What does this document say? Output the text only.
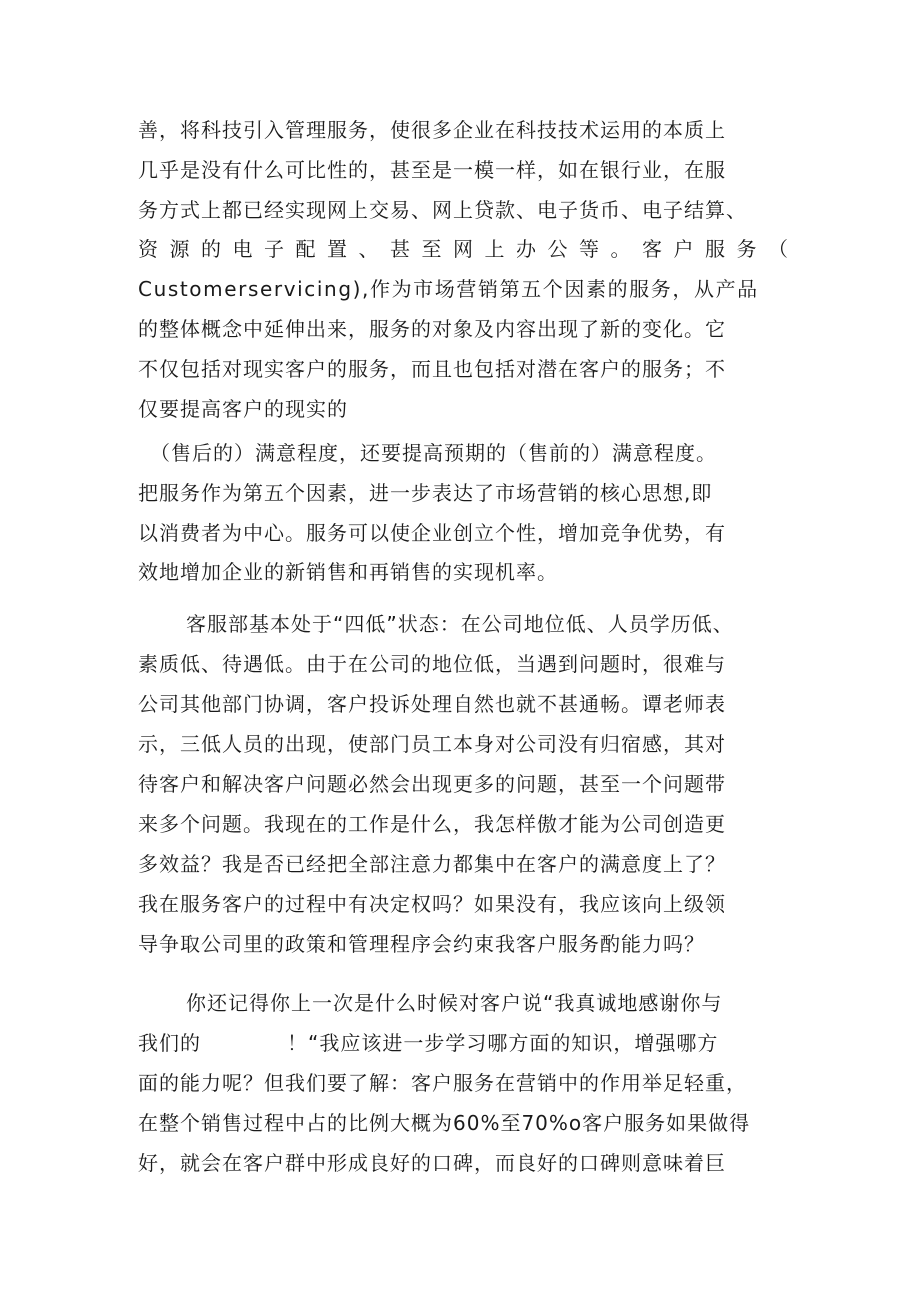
善，将科技引入管理服务，使很多企业在科技技术运用的本质上
几乎是没有什么可比性的，甚至是一模一样，如在银行业，在服
务方式上都已经实现网上交易、网上贷款、电子货币、电子结算、
资源的电子配置、甚至网上办公等。客户服务（
Customerservicing),作为市场营销第五个因素的服务，从产品
的整体概念中延伸出来，服务的对象及内容出现了新的变化。它
不仅包括对现实客户的服务，而且也包括对潜在客户的服务；不
仅要提高客户的现实的
（售后的）满意程度，还要提高预期的（售前的）满意程度。
把服务作为第五个因素，进一步表达了市场营销的核心思想,即
以消费者为中心。服务可以使企业创立个性，增加竞争优势，有
效地增加企业的新销售和再销售的实现机率。
客服部基本处于“四低”状态：在公司地位低、人员学历低、
素质低、待遇低。由于在公司的地位低，当遇到问题时，很难与
公司其他部门协调，客户投诉处理自然也就不甚通畅。谭老师表
示，三低人员的出现，使部门员工本身对公司没有归宿感，其对
待客户和解决客户问题必然会出现更多的问题，甚至一个问题带
来多个问题。我现在的工作是什么，我怎样傲才能为公司创造更
多效益？我是否已经把全部注意力都集中在客户的满意度上了？
我在服务客户的过程中有决定权吗？如果没有，我应该向上级领
导争取公司里的政策和管理程序会约束我客户服务酌能力吗？
你还记得你上一次是什么时候对客户说“我真诚地感谢你与
我们的	！“我应该进一步学习哪方面的知识，增强哪方
面的能力呢？但我们要了解：客户服务在营销中的作用举足轻重，
在整个销售过程中占的比例大概为60%至70%o客户服务如果做得
好，就会在客户群中形成良好的口碑，而良好的口碑则意味着巨
